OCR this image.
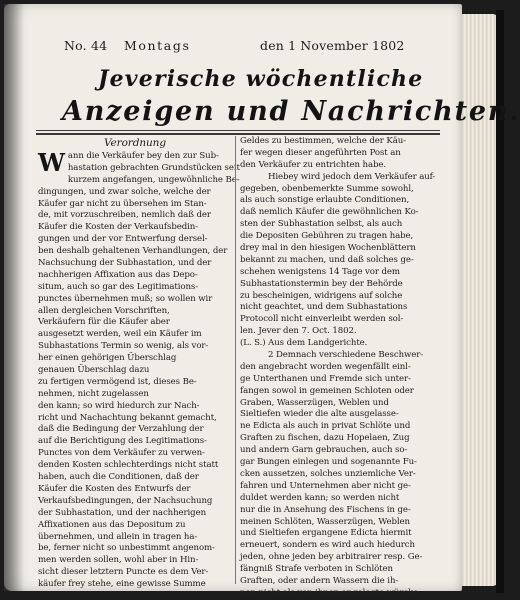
No. 44 Montags	den 1 November 1802
Jeverische wöchentliche
Anzeigen und Nachrichten.
Verordnung
W ann die Verkäufer bey den zur Sub-
hastation gebrachten Grundstücken seit
kurzem angefangen, ungewöhnliche Be-
dingungen, und zwar solche, welche der
Käufer gar nicht zu übersehen im Stan-
de, mit vorzuschreiben, nemlich daß der
Käufer die Kosten der Verkaufsbedin-
gungen und der vor Entwerfung dersel-
ben deshalb gehaltenen Verhandlungen, der
Nachsuchung der Subhastation, und der
nachherigen Affixation aus das Depo-
situm, auch so gar des Legitimations-
punctes übernehmen muß; so wollen wir
allen dergleichen Vorschriften,
Verkäufern für die Käufer aber
ausgesetzt werden, weil ein Käufer im
Subhastations Termin so wenig, als vor-
her einen gehörigen Überschlag
genauen Überschlag dazu
zu fertigen vermögend ist, dieses Be-
nehmen, nicht zugelassen
den kann; so wird hiedurch zur Nach-
richt und Nachachtung bekannt gemacht,
daß die Bedingung der Verzahlung der
auf die Berichtigung des Legitimations-
Punctes von dem Verkäufer zu verwen-
denden Kosten schlechterdings nicht statt
haben, auch die Conditionen, daß der
Käufer die Kosten des Entwurfs der
Verkaufsbedingungen, der Nachsuchung
der Subhastation, und der nachherigen
Affixationen aus das Depositum zu
übernehmen, und allein in tragen ha-
be, ferner nicht so unbestimmt angenom-
men werden sollen, wohl aber in Hin-
sicht dieser letztern Puncte es dem Ver-
käufer frey stehe, eine gewisse Summe
Geldes zu bestimmen, welche der Käu-
fer wegen dieser angeführten Post an
den Verkäufer zu entrichten habe.
Hiebey wird jedoch dem Verkäufer auf-
gegeben, obenbemerkte Summe sowohl,
als auch sonstige erlaubte Conditionen,
daß nemlich Käufer die gewöhnlichen Ko-
sten der Subhastation selbst, als auch
die Depositen Gebühren zu tragen habe,
drey mal in den hiesigen Wochenblättern
bekannt zu machen, und daß solches ge-
schehen wenigstens 14 Tage vor dem
Subhastationstermin bey der Behörde
zu bescheinigen, widrigens auf solche
nicht geachtet, und dem Subhastations
Protocoll nicht einverleibt werden sol-
len. Jever den 7. Oct. 1802.
(L. S.) Aus dem Landgerichte.
2 Demnach verschiedene Beschwer-
den angebracht worden wegenfällt einl-
ge Unterthanen und Fremde sich unter-
fangen sowol in gemeinen Schloten oder
Graben, Wasserzügen, Weblen und
Sieltiefen wieder die alte ausgelasse-
ne Edicta als auch in privat Schlöte und
Graften zu fischen, dazu Hopelaen, Zug
und andern Garn gebrauchen, auch so-
gar Bungen einlegen und sogenannte Fu-
cken aussetzen, solches unziemliche Ver-
fahren und Unternehmen aber nicht ge-
duldet werden kann; so werden nicht
nur die in Ansehung des Fischens in ge-
meinen Schlöten, Wasserzügen, Weblen
und Sieltiefen ergangene Edicta hiermit
erneuert, sondern es wird auch hiedurch
jeden, ohne jeden bey arbitrairer resp. Ge-
fängniß Strafe verboten in Schlöten
Graften, oder andern Wassern die ih-
nen nicht als von ihnen angelegte würcke
